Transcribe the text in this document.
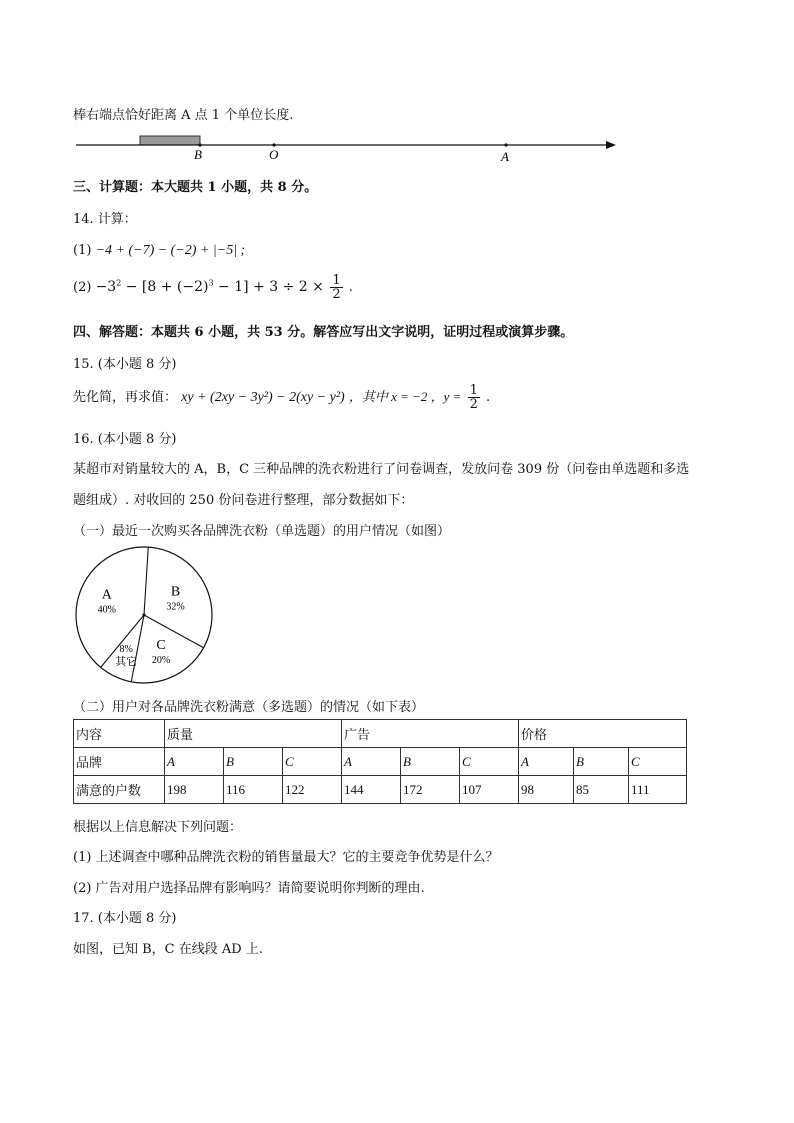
棒右端点恰好距离 A 点 1 个单位长度.
B	O	A
三、计算题：本大题共 1 小题，共 8 分。
14. 计算：
(1) −4 + (−7) − (−2) + |−5| ;
$(2) -3^2 - [8 + (-2)^3 - 1] + 3 \div 2 \times \frac{1}{2}$ .
四、解答题：本题共 6 小题，共 53 分。解答应写出文字说明，证明过程或演算步骤。
15. (本小题 8 分)
先化简，再求值： xy + (2xy − 3y²) − 2(xy − y²) ，其中 x = −2 ，$y = \frac{1}{2}$ .
16. (本小题 8 分)
某超市对销量较大的 A，B，C 三种品牌的洗衣粉进行了问卷调查，发放问卷 309 份（问卷由单选题和多选
题组成）. 对收回的 250 份问卷进行整理，部分数据如下：
（一）最近一次购买各品牌洗衣粉（单选题）的用户情况（如图）
A
40%
B
32%
C
20%
其它
8%
（二）用户对各品牌洗衣粉满意（多选题）的情况（如下表）
内容	质量			广告			价格		
品牌	A	B	C	A	B	C	A	B	C
满意的户数	198	116	122	144	172	107	98	85	111
根据以上信息解决下列问题：
(1) 上述调查中哪种品牌洗衣粉的销售量最大？它的主要竞争优势是什么？
(2) 广告对用户选择品牌有影响吗？请简要说明你判断的理由.
17. (本小题 8 分)
如图，已知 B，C 在线段 AD 上.
